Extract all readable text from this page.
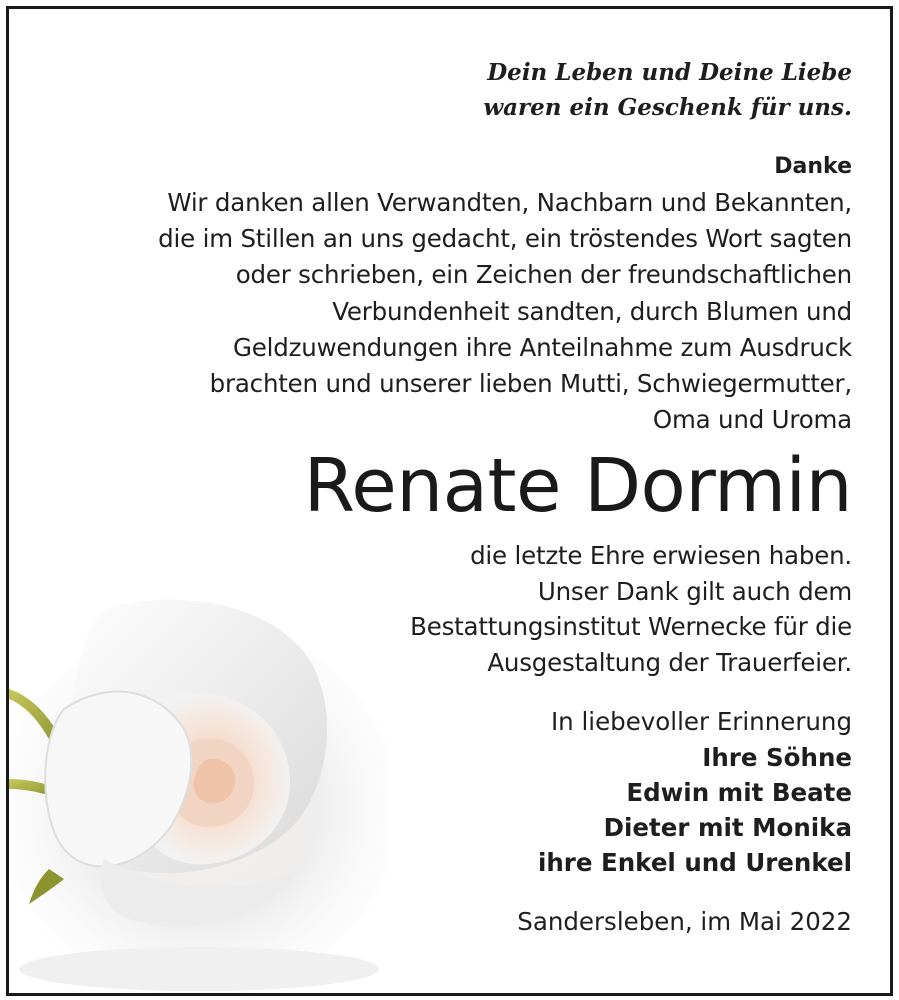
Dein Leben und Deine Liebe
waren ein Geschenk für uns.
Danke
Wir danken allen Verwandten, Nachbarn und Bekannten,
die im Stillen an uns gedacht, ein tröstendes Wort sagten
oder schrieben, ein Zeichen der freundschaftlichen
Verbundenheit sandten, durch Blumen und
Geldzuwendungen ihre Anteilnahme zum Ausdruck
brachten und unserer lieben Mutti, Schwiegermutter,
Oma und Uroma
Renate Dormin
die letzte Ehre erwiesen haben.
Unser Dank gilt auch dem
Bestattungsinstitut Wernecke für die
Ausgestaltung der Trauerfeier.
In liebevoller Erinnerung
Ihre Söhne
Edwin mit Beate
Dieter mit Monika
ihre Enkel und Urenkel
Sandersleben, im Mai 2022
